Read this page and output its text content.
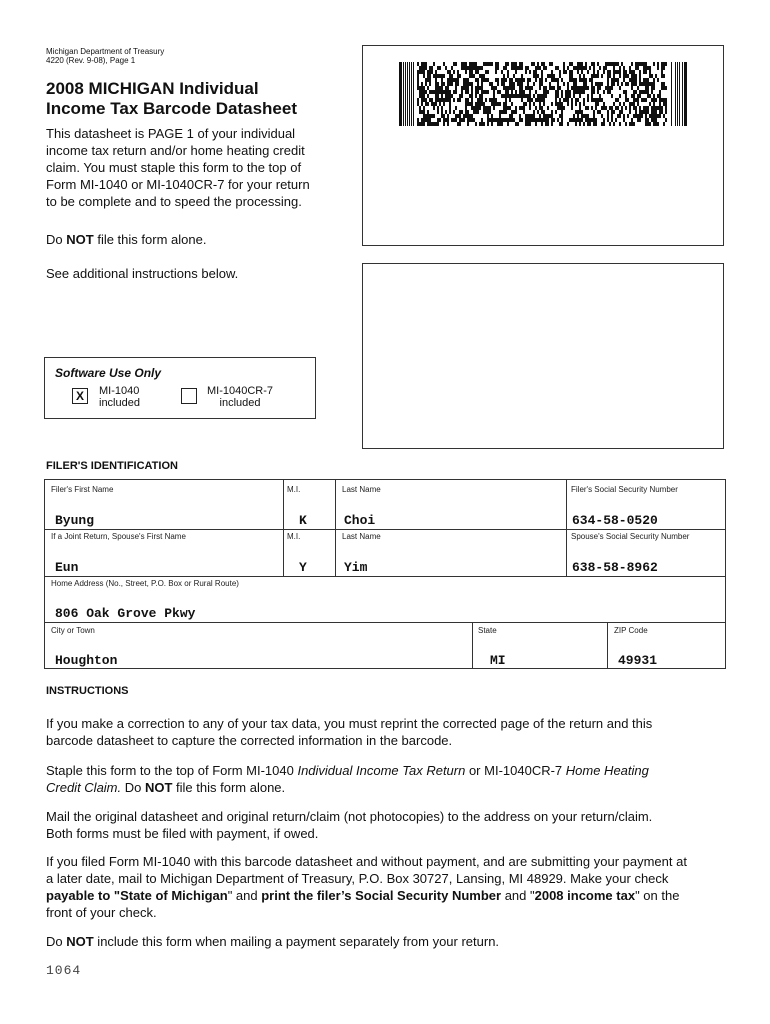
Michigan Department of Treasury
4220 (Rev. 9-08), Page 1
2008 MICHIGAN Individual
Income Tax Barcode Datasheet
This datasheet is PAGE 1 of your individual
income tax return and/or home heating credit
claim. You must staple this form to the top of
Form MI-1040 or MI-1040CR-7 for your return
to be complete and to speed the processing.
Do NOT file this form alone.
See additional instructions below.
Software Use Only
X	MI-1040
included
MI-1040CR-7
included
FILER'S IDENTIFICATION
Filer's First Name	M.I.	Last Name	Filer's Social Security Number
Byung	K	Choi	634-58-0520
If a Joint Return, Spouse's First Name	M.I.	Last Name	Spouse's Social Security Number
Eun	Y	Yim	638-58-8962
Home Address (No., Street, P.O. Box or Rural Route)
806 Oak Grove Pkwy
City or Town	State	ZIP Code
Houghton	MI	49931
INSTRUCTIONS
If you make a correction to any of your tax data, you must reprint the corrected page of the return and this
barcode datasheet to capture the corrected information in the barcode.
Staple this form to the top of Form MI-1040 Individual Income Tax Return or MI-1040CR-7 Home Heating
Credit Claim. Do NOT file this form alone.
Mail the original datasheet and original return/claim (not photocopies) to the address on your return/claim.
Both forms must be filed with payment, if owed.
If you filed Form MI-1040 with this barcode datasheet and without payment, and are submitting your payment at
a later date, mail to Michigan Department of Treasury, P.O. Box 30727, Lansing, MI 48929. Make your check
payable to "State of Michigan" and print the filer’s Social Security Number and "2008 income tax" on the
front of your check.
Do NOT include this form when mailing a payment separately from your return.
1064
